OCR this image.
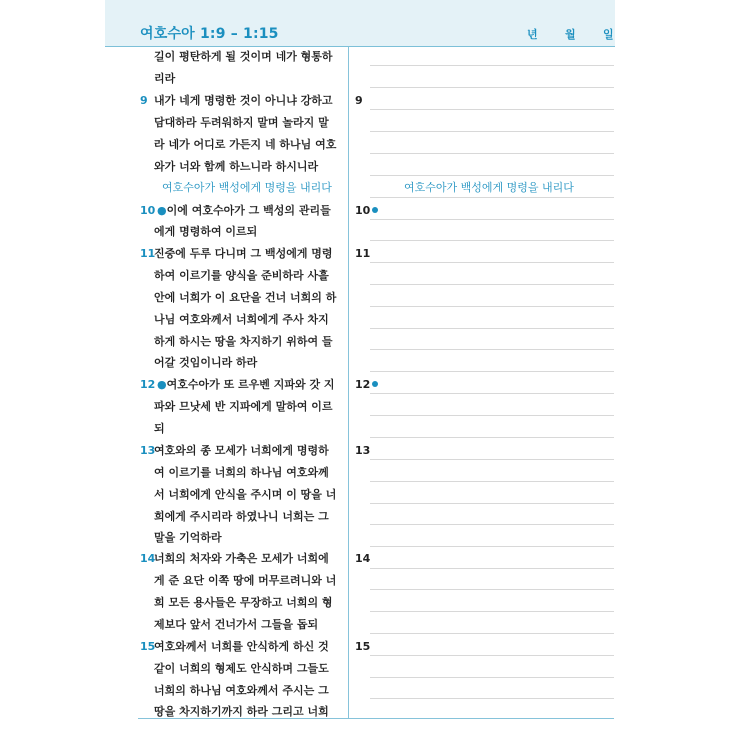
여호수아 1:9 – 1:15	년 월 일
길이 평탄하게 될 것이며 네가 형통하
리라
9 내가 네게 명령한 것이 아니냐 강하고
담대하라 두려워하지 말며 놀라지 말
라 네가 어디로 가든지 네 하나님 여호
와가 너와 함께 하느니라 하시니라
여호수아가 백성에게 명령을 내리다
10 ●이에 여호수아가 그 백성의 관리들
에게 명령하여 이르되
11
진중에 두루 다니며 그 백성에게 명령
하여 이르기를 양식을 준비하라 사흘
안에 너희가 이 요단을 건너 너희의 하
나님 여호와께서 너희에게 주사 차지
하게 하시는 땅을 차지하기 위하여 들
어갈 것임이니라 하라
12 ●여호수아가 또 르우벤 지파와 갓 지
파와 므낫세 반 지파에게 말하여 이르
되
13
여호와의 종 모세가 너희에게 명령하
여 이르기를 너희의 하나님 여호와께
서 너희에게 안식을 주시며 이 땅을 너
희에게 주시리라 하였나니 너희는 그
말을 기억하라
14
너희의 처자와 가축은 모세가 너희에
게 준 요단 이쪽 땅에 머무르려니와 너
희 모든 용사들은 무장하고 너희의 형
제보다 앞서 건너가서 그들을 돕되
15
여호와께서 너희를 안식하게 하신 것
같이 너희의 형제도 안식하며 그들도
너희의 하나님 여호와께서 주시는 그
땅을 차지하기까지 하라 그리고 너희
9
여호수아가 백성에게 명령을 내리다
10
11
12
13
14
15
